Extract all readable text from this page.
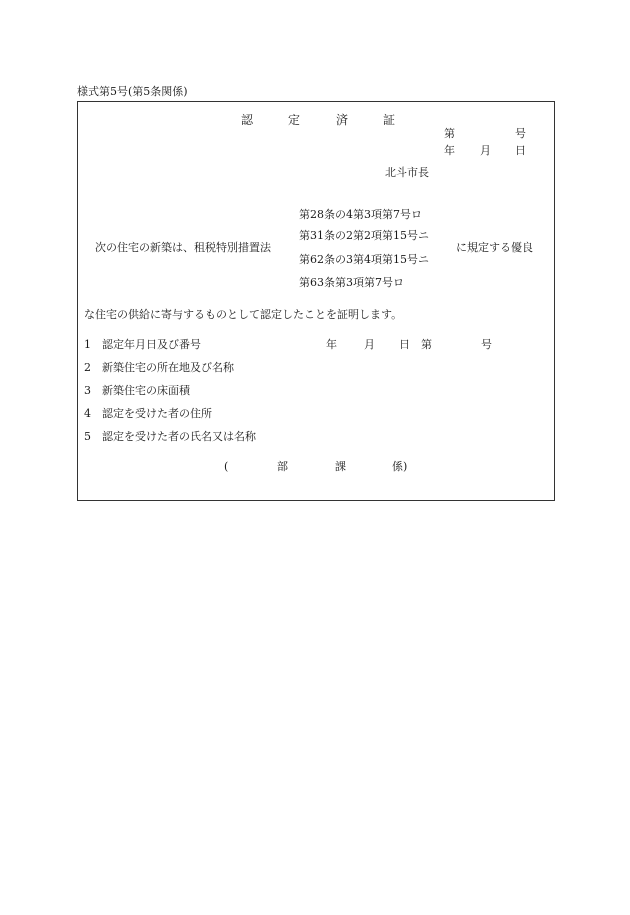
様式第5号(第5条関係)
認	定	済	証
第	号
年 月 日
北斗市長
次の住宅の新築は、租税特別措置法
第28条の4第3項第7号ロ
第31条の2第2項第15号ニ
第62条の3第4項第15号ニ
第63条第3項第7号ロ
に規定する優良
な住宅の供給に寄与するものとして認定したことを証明します。
1 認定年月日及び番号	年 月 日 第	号
2 新築住宅の所在地及び名称
3 新築住宅の床面積
4 認定を受けた者の住所
5 認定を受けた者の氏名又は名称
(	部	課	係)
